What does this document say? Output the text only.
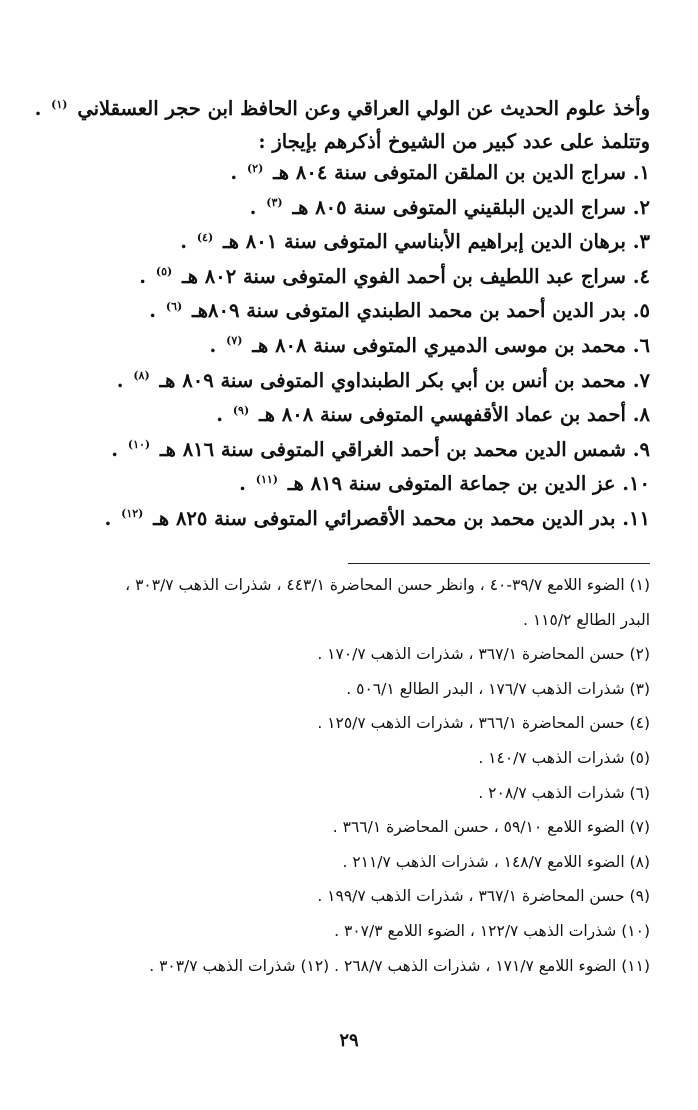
وأخذ علوم الحديث عن الولي العراقي وعن الحافظ ابن حجر العسقلاني $^{(١)}$ .
وتتلمذ على عدد كبير من الشيوخ أذكرهم بإيجاز :
١. سراج الدين بن الملقن المتوفى سنة ٨٠٤ هـ $^{(٢)}$ .
٢. سراج الدين البلقيني المتوفى سنة ٨٠٥ هـ $^{(٣)}$ .
٣. برهان الدين إبراهيم الأبناسي المتوفى سنة ٨٠١ هـ $^{(٤)}$ .
٤. سراج عبد اللطيف بن أحمد الفوي المتوفى سنة ٨٠٢ هـ $^{(٥)}$ .
٥. بدر الدين أحمد بن محمد الطبندي المتوفى سنة ٨٠٩هـ $^{(٦)}$ .
٦. محمد بن موسى الدميري المتوفى سنة ٨٠٨ هـ $^{(٧)}$ .
٧. محمد بن أنس بن أبي بكر الطبنداوي المتوفى سنة ٨٠٩ هـ $^{(٨)}$ .
٨. أحمد بن عماد الأقفهسي المتوفى سنة ٨٠٨ هـ $^{(٩)}$ .
٩. شمس الدين محمد بن أحمد الغراقي المتوفى سنة ٨١٦ هـ $^{(١٠)}$ .
١٠. عز الدين بن جماعة المتوفى سنة ٨١٩ هـ $^{(١١)}$ .
١١. بدر الدين محمد بن محمد الأقصرائي المتوفى سنة ٨٢٥ هـ $^{(١٢)}$ .
(١) الضوء اللامع ٣٩/٧-٤٠ ، وانظر حسن المحاضرة ٤٤٣/١ ، شذرات الذهب ٣٠٣/٧ ،
البدر الطالع ١١٥/٢ .
(٢) حسن المحاضرة ٣٦٧/١ ، شذرات الذهب ١٧٠/٧ .
(٣) شذرات الذهب ١٧٦/٧ ، البدر الطالع ٥٠٦/١ .
(٤) حسن المحاضرة ٣٦٦/١ ، شذرات الذهب ١٢٥/٧ .
(٥) شذرات الذهب ١٤٠/٧ .
(٦) شذرات الذهب ٢٠٨/٧ .
(٧) الضوء اللامع ٥٩/١٠ ، حسن المحاضرة ٣٦٦/١ .
(٨) الضوء اللامع ١٤٨/٧ ، شذرات الذهب ٢١١/٧ .
(٩) حسن المحاضرة ٣٦٧/١ ، شذرات الذهب ١٩٩/٧ .
(١٠) شذرات الذهب ١٢٢/٧ ، الضوء اللامع ٣٠٧/٣ .
(١١) الضوء اللامع ١٧١/٧ ، شذرات الذهب ٢٦٨/٧ . (١٢) شذرات الذهب ٣٠٣/٧ .
٢٩
